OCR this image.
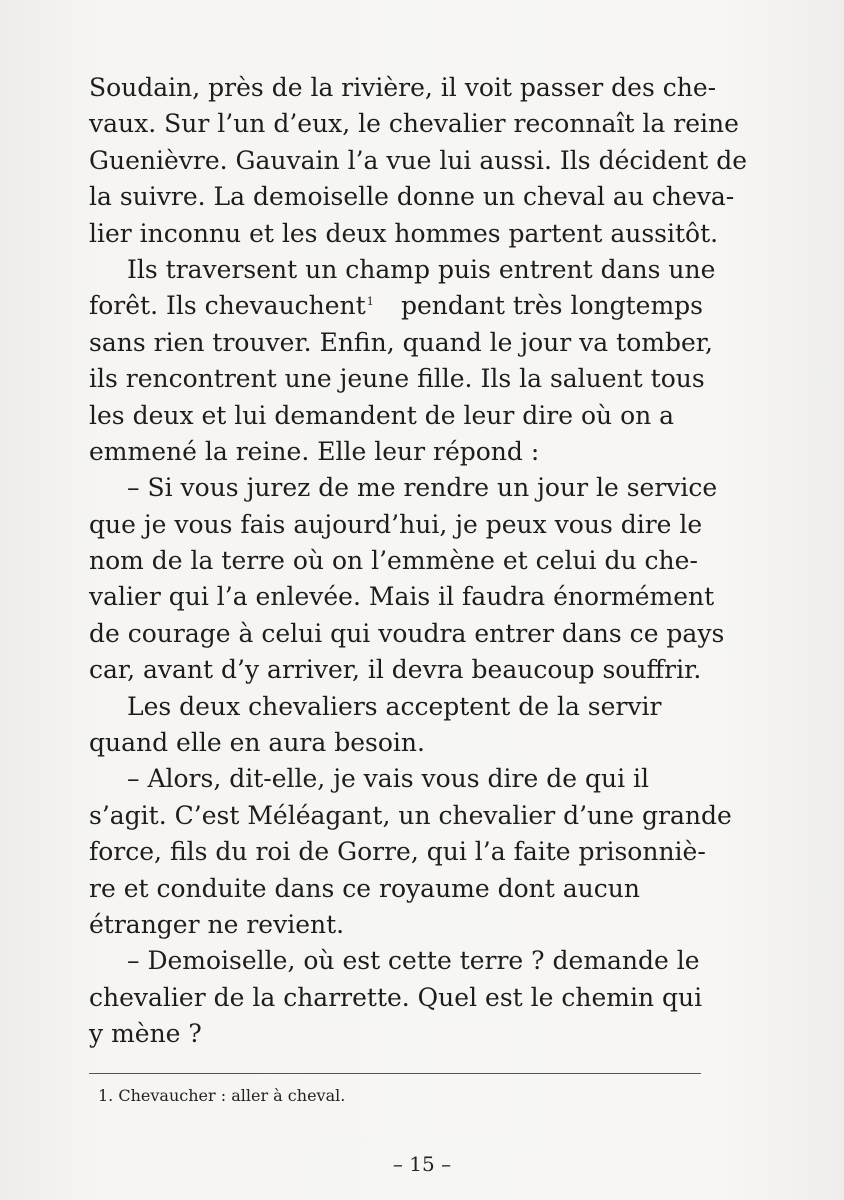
Soudain, près de la rivière, il voit passer des che-
vaux. Sur l’un d’eux, le chevalier reconnaît la reine
Guenièvre. Gauvain l’a vue lui aussi. Ils décident de
la suivre. La demoiselle donne un cheval au cheva-
lier inconnu et les deux hommes partent aussitôt.
Ils traversent un champ puis entrent dans une
forêt. Ils chevauchent$^1$ pendant très longtemps
sans rien trouver. Enfin, quand le jour va tomber,
ils rencontrent une jeune fille. Ils la saluent tous
les deux et lui demandent de leur dire où on a
emmené la reine. Elle leur répond :
– Si vous jurez de me rendre un jour le service
que je vous fais aujourd’hui, je peux vous dire le
nom de la terre où on l’emmène et celui du che-
valier qui l’a enlevée. Mais il faudra énormément
de courage à celui qui voudra entrer dans ce pays
car, avant d’y arriver, il devra beaucoup souffrir.
Les deux chevaliers acceptent de la servir
quand elle en aura besoin.
– Alors, dit-elle, je vais vous dire de qui il
s’agit. C’est Méléagant, un chevalier d’une grande
force, fils du roi de Gorre, qui l’a faite prisonniè-
re et conduite dans ce royaume dont aucun
étranger ne revient.
– Demoiselle, où est cette terre ? demande le
chevalier de la charrette. Quel est le chemin qui
y mène ?
1. Chevaucher : aller à cheval.
– 15 –
